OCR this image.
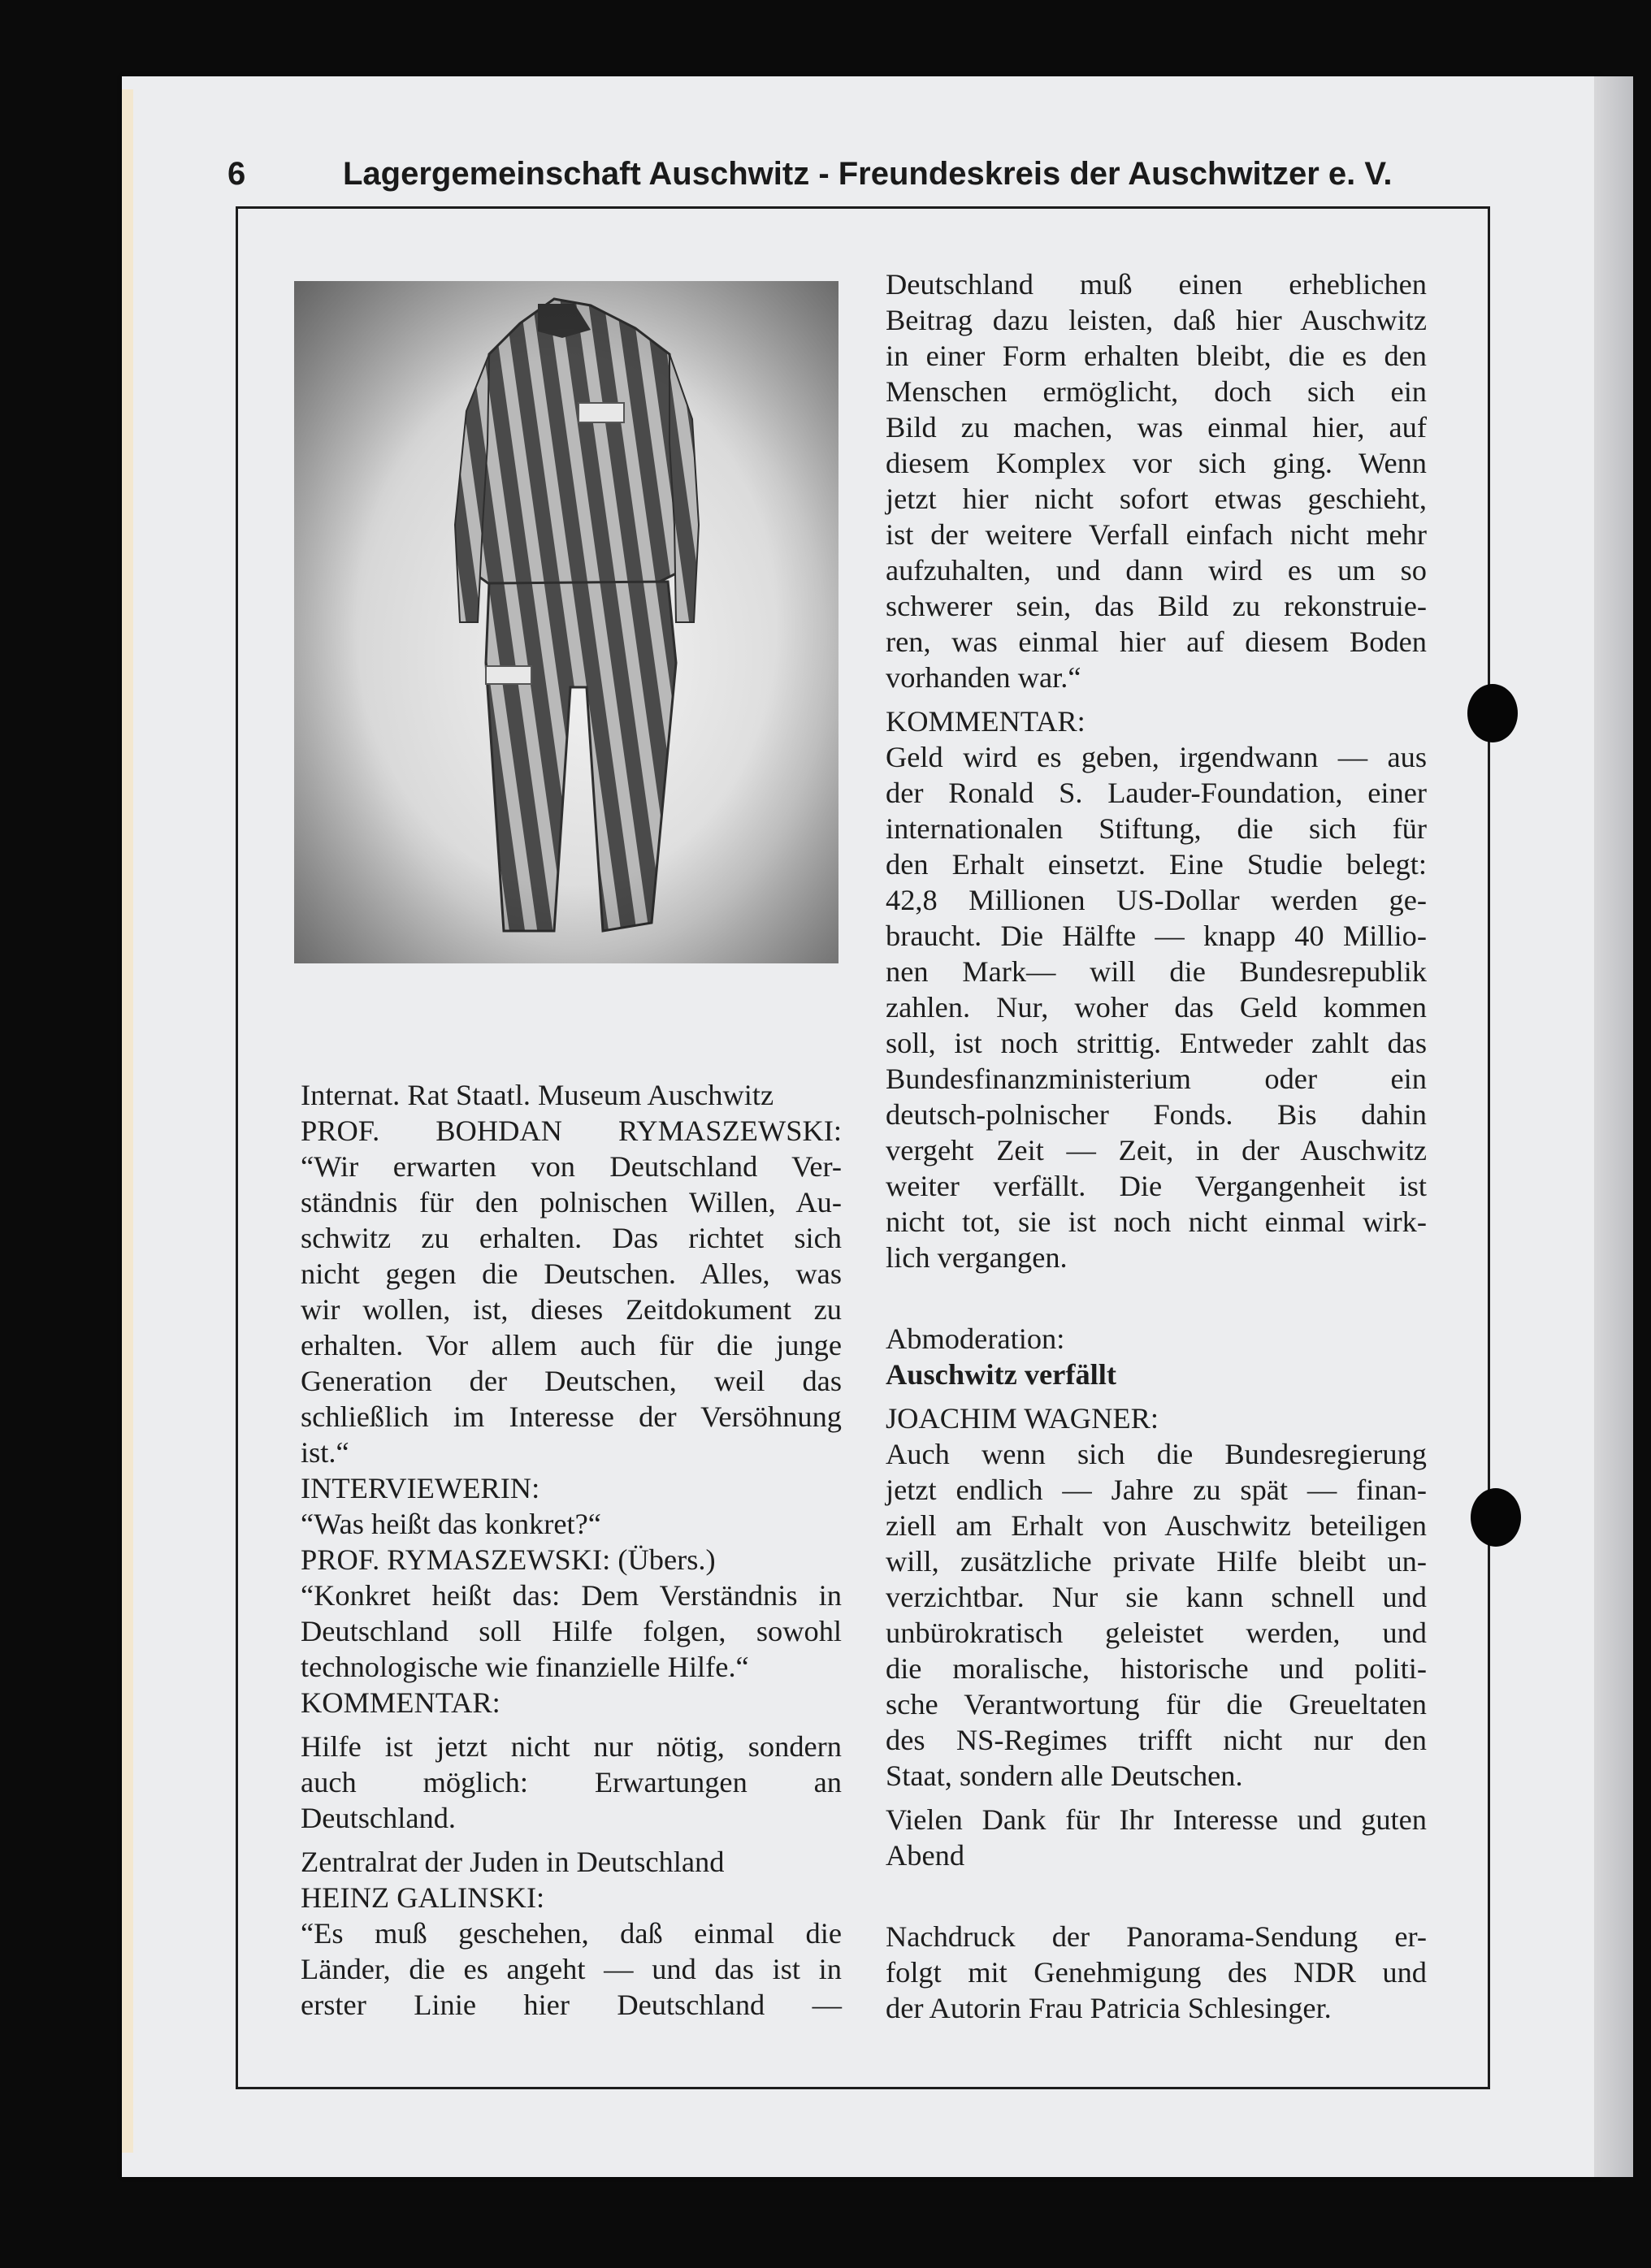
6	Lagergemeinschaft Auschwitz - Freundeskreis der Auschwitzer e. V.

Internat. Rat Staatl. Museum Auschwitz

PROF. BOHDAN RYMASZEWSKI:

“Wir erwarten von Deutschland Ver-

ständnis für den polnischen Willen, Au-

schwitz zu erhalten. Das richtet sich

nicht gegen die Deutschen. Alles, was

wir wollen, ist, dieses Zeitdokument zu

erhalten. Vor allem auch für die junge

Generation der Deutschen, weil das

schließlich im Interesse der Versöhnung

ist.“

INTERVIEWERIN:

“Was heißt das konkret?“

PROF. RYMASZEWSKI: (Übers.)

“Konkret heißt das: Dem Verständnis in

Deutschland soll Hilfe folgen, sowohl

technologische wie finanzielle Hilfe.“

KOMMENTAR:

Hilfe ist jetzt nicht nur nötig, sondern

auch möglich: Erwartungen an

Deutschland.

Zentralrat der Juden in Deutschland

HEINZ GALINSKI:

“Es muß geschehen, daß einmal die

Länder, die es angeht — und das ist in

erster Linie hier Deutschland —

Deutschland muß einen erheblichen

Beitrag dazu leisten, daß hier Auschwitz

in einer Form erhalten bleibt, die es den

Menschen ermöglicht, doch sich ein

Bild zu machen, was einmal hier, auf

diesem Komplex vor sich ging. Wenn

jetzt hier nicht sofort etwas geschieht,

ist der weitere Verfall einfach nicht mehr

aufzuhalten, und dann wird es um so

schwerer sein, das Bild zu rekonstruie-

ren, was einmal hier auf diesem Boden

vorhanden war.“

KOMMENTAR:

Geld wird es geben, irgendwann — aus

der Ronald S. Lauder-Foundation, einer

internationalen Stiftung, die sich für

den Erhalt einsetzt. Eine Studie belegt:

42,8 Millionen US-Dollar werden ge-

braucht. Die Hälfte — knapp 40 Millio-

nen Mark— will die Bundesrepublik

zahlen. Nur, woher das Geld kommen

soll, ist noch strittig. Entweder zahlt das

Bundesfinanzministerium oder ein

deutsch-polnischer Fonds. Bis dahin

vergeht Zeit — Zeit, in der Auschwitz

weiter verfällt. Die Vergangenheit ist

nicht tot, sie ist noch nicht einmal wirk-

lich vergangen.

Abmoderation:

Auschwitz verfällt

JOACHIM WAGNER:

Auch wenn sich die Bundesregierung

jetzt endlich — Jahre zu spät — finan-

ziell am Erhalt von Auschwitz beteiligen

will, zusätzliche private Hilfe bleibt un-

verzichtbar. Nur sie kann schnell und

unbürokratisch geleistet werden, und

die moralische, historische und politi-

sche Verantwortung für die Greueltaten

des NS-Regimes trifft nicht nur den

Staat, sondern alle Deutschen.

Vielen Dank für Ihr Interesse und guten

Abend

Nachdruck der Panorama-Sendung er-

folgt mit Genehmigung des NDR und

der Autorin Frau Patricia Schlesinger.
